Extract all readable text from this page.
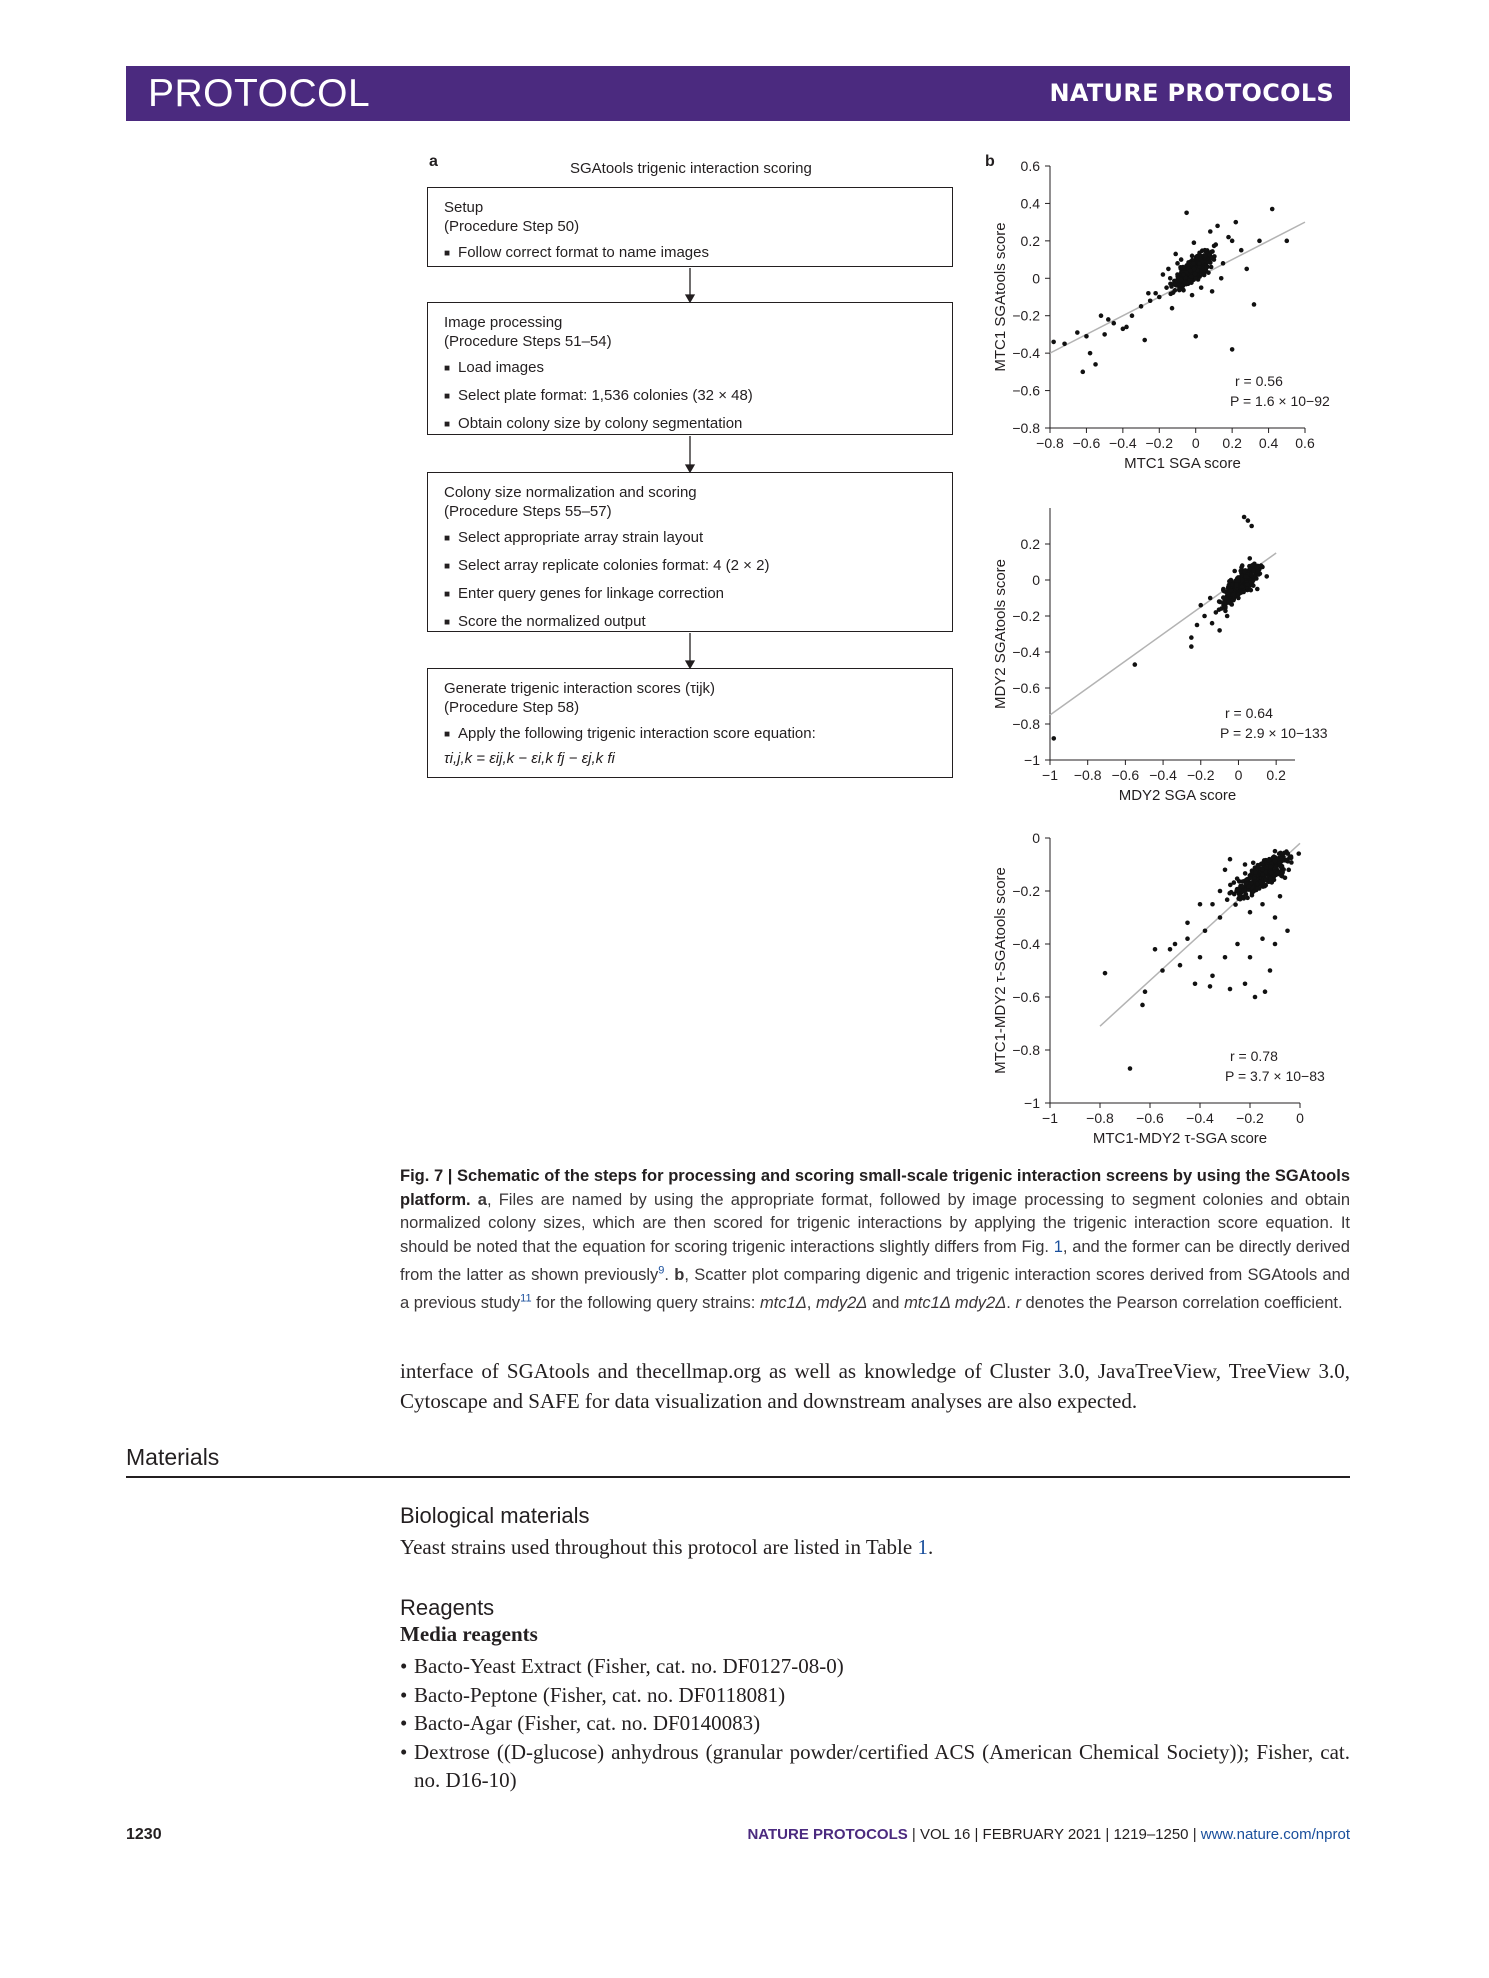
PROTOCOL	NATURE PROTOCOLS
a	SGAtools trigenic interaction scoring
Setup
(Procedure Step 50)
■ Follow correct format to name images
Image processing
(Procedure Steps 51–54)
■ Load images
■ Select plate format: 1,536 colonies (32 × 48)
■ Obtain colony size by colony segmentation
Colony size normalization and scoring
(Procedure Steps 55–57)
■ Select appropriate array strain layout
■ Select array replicate colonies format: 4 (2 × 2)
■ Enter query genes for linkage correction
■ Score the normalized output
Generate trigenic interaction scores (τijk)
(Procedure Step 58)
■ Apply the following trigenic interaction score equation:
τi,j,k = εij,k − εi,k fj − εj,k fi
b 0.6
0.4
0.2
0
−0.2
−0.4
−0.6
−0.8
−0.8 −0.6 −0.4 −0.2 0 0.2 0.4 0.6
MTC1 SGA score
MTC1 SGAtools score
r = 0.56
P = 1.6 × 10−92
0.2
0
−0.2
−0.4
−0.6
−0.8
−1
−1 −0.8 −0.6 −0.4 −0.2 0 0.2
MDY2 SGA score
MDY2 SGAtools score
r = 0.64
P = 2.9 × 10−133
0
−0.2
−0.4
−0.6
−0.8
−1
−1 −0.8 −0.6 −0.4 −0.2 0
MTC1-MDY2 τ-SGA score
MTC1-MDY2 τ-SGAtools score	r = 0.78
P = 3.7 × 10−83
Fig. 7 | Schematic of the steps for processing and scoring small-scale trigenic interaction screens by using the SGAtools platform. a, Files are named by using the appropriate format, followed by image processing to segment colonies and obtain normalized colony sizes, which are then scored for trigenic interactions by applying the trigenic interaction score equation. It should be noted that the equation for scoring trigenic interactions slightly differs from Fig. 1, and the former can be directly derived from the latter as shown previously$^9$. b, Scatter plot comparing digenic and trigenic interaction scores derived from SGAtools and a previous study$^{11}$ for the following query strains: mtc1Δ, mdy2Δ and mtc1Δ mdy2Δ. r denotes the Pearson correlation coefficient.
interface of SGAtools and thecellmap.org as well as knowledge of Cluster 3.0, JavaTreeView, TreeView 3.0, Cytoscape and SAFE for data visualization and downstream analyses are also expected.
Materials
Biological materials
Yeast strains used throughout this protocol are listed in Table 1.
Reagents
Media reagents
• Bacto-Yeast Extract (Fisher, cat. no. DF0127-08-0)
• Bacto-Peptone (Fisher, cat. no. DF0118081)
• Bacto-Agar (Fisher, cat. no. DF0140083)
• Dextrose ((D-glucose) anhydrous (granular powder/certified ACS (American Chemical Society)); Fisher, cat. no. D16-10)
1230	NATURE PROTOCOLS | VOL 16 | FEBRUARY 2021 | 1219–1250 | www.nature.com/nprot
